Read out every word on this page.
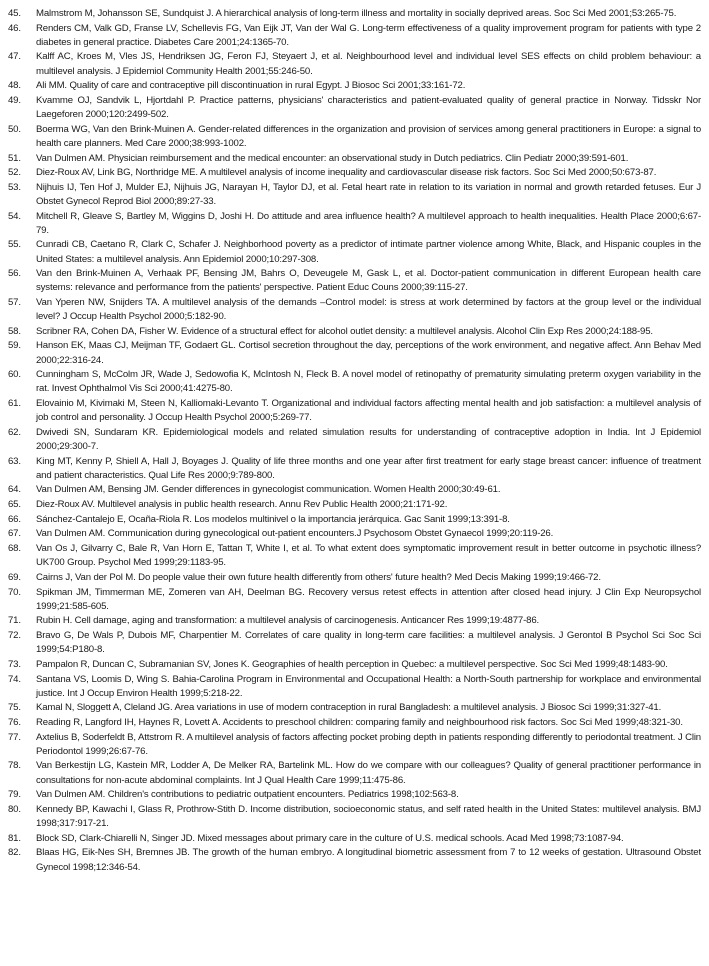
45.	Malmstrom M, Johansson SE, Sundquist J. A hierarchical analysis of long-term illness and mortality in socially deprived areas. Soc Sci Med 2001;53:265-75.
46.	Renders CM, Valk GD, Franse LV, Schellevis FG, Van Eijk JT, Van der Wal G. Long-term effectiveness of a quality improvement program for patients with type 2 diabetes in general practice. Diabetes Care 2001;24:1365-70.
47.	Kalff AC, Kroes M, Vles JS, Hendriksen JG, Feron FJ, Steyaert J, et al. Neighbourhood level and individual level SES effects on child problem behaviour: a multilevel analysis. J Epidemiol Community Health 2001;55:246-50.
48.	Ali MM. Quality of care and contraceptive pill discontinuation in rural Egypt. J Biosoc Sci 2001;33:161-72.
49.	Kvamme OJ, Sandvik L, Hjortdahl P. Practice patterns, physicians' characteristics and patient-evaluated quality of general practice in Norway. Tidsskr Nor Laegeforen 2000;120:2499-502.
50.	Boerma WG, Van den Brink-Muinen A. Gender-related differences in the organization and provision of services among general practitioners in Europe: a signal to health care planners. Med Care 2000;38:993-1002.
51.	Van Dulmen AM. Physician reimbursement and the medical encounter: an observational study in Dutch pediatrics. Clin Pediatr 2000;39:591-601.
52.	Diez-Roux AV, Link BG, Northridge ME. A multilevel analysis of income inequality and cardiovascular disease risk factors. Soc Sci Med 2000;50:673-87.
53.	Nijhuis IJ, Ten Hof J, Mulder EJ, Nijhuis JG, Narayan H, Taylor DJ, et al. Fetal heart rate in relation to its variation in normal and growth retarded fetuses. Eur J Obstet Gynecol Reprod Biol 2000;89:27-33.
54.	Mitchell R, Gleave S, Bartley M, Wiggins D, Joshi H. Do attitude and area influence health? A multilevel approach to health inequalities. Health Place 2000;6:67-79.
55.	Cunradi CB, Caetano R, Clark C, Schafer J. Neighborhood poverty as a predictor of intimate partner violence among White, Black, and Hispanic couples in the United States: a multilevel analysis. Ann Epidemiol 2000;10:297-308.
56.	Van den Brink-Muinen A, Verhaak PF, Bensing JM, Bahrs O, Deveugele M, Gask L, et al. Doctor-patient communication in different European health care systems: relevance and performance from the patients' perspective. Patient Educ Couns 2000;39:115-27.
57.	Van Yperen NW, Snijders TA. A multilevel analysis of the demands –Control model: is stress at work determined by factors at the group level or the individual level? J Occup Health Psychol 2000;5:182-90.
58.	Scribner RA, Cohen DA, Fisher W. Evidence of a structural effect for alcohol outlet density: a multilevel analysis. Alcohol Clin Exp Res 2000;24:188-95.
59.	Hanson EK, Maas CJ, Meijman TF, Godaert GL. Cortisol secretion throughout the day, perceptions of the work environment, and negative affect. Ann Behav Med 2000;22:316-24.
60.	Cunningham S, McColm JR, Wade J, Sedowofia K, McIntosh N, Fleck B. A novel model of retinopathy of prematurity simulating preterm oxygen variability in the rat. Invest Ophthalmol Vis Sci 2000;41:4275-80.
61.	Elovainio M, Kivimaki M, Steen N, Kalliomaki-Levanto T. Organizational and individual factors affecting mental health and job satisfaction: a multilevel analysis of job control and personality. J Occup Health Psychol 2000;5:269-77.
62.	Dwivedi SN, Sundaram KR. Epidemiological models and related simulation results for understanding of contraceptive adoption in India. Int J Epidemiol 2000;29:300-7.
63.	King MT, Kenny P, Shiell A, Hall J, Boyages J. Quality of life three months and one year after first treatment for early stage breast cancer: influence of treatment and patient characteristics. Qual Life Res 2000;9:789-800.
64.	Van Dulmen AM, Bensing JM. Gender differences in gynecologist communication. Women Health 2000;30:49-61.
65.	Diez-Roux AV. Multilevel analysis in public health research. Annu Rev Public Health 2000;21:171-92.
66.	Sánchez-Cantalejo E, Ocaña-Riola R. Los modelos multinivel o la importancia jerárquica. Gac Sanit 1999;13:391-8.
67.	Van Dulmen AM. Communication during gynecological out-patient encounters.J Psychosom Obstet Gynaecol 1999;20:119-26.
68.	Van Os J, Gilvarry C, Bale R, Van Horn E, Tattan T, White I, et al. To what extent does symptomatic improvement result in better outcome in psychotic illness? UK700 Group. Psychol Med 1999;29:1183-95.
69.	Cairns J, Van der Pol M. Do people value their own future health differently from others' future health? Med Decis Making 1999;19:466-72.
70.	Spikman JM, Timmerman ME, Zomeren van AH, Deelman BG. Recovery versus retest effects in attention after closed head injury. J Clin Exp Neuropsychol 1999;21:585-605.
71.	Rubin H. Cell damage, aging and transformation: a multilevel analysis of carcinogenesis. Anticancer Res 1999;19:4877-86.
72.	Bravo G, De Wals P, Dubois MF, Charpentier M. Correlates of care quality in long-term care facilities: a multilevel analysis. J Gerontol B Psychol Sci Soc Sci 1999;54:P180-8.
73.	Pampalon R, Duncan C, Subramanian SV, Jones K. Geographies of health perception in Quebec: a multilevel perspective. Soc Sci Med 1999;48:1483-90.
74.	Santana VS, Loomis D, Wing S. Bahia-Carolina Program in Environmental and Occupational Health: a North-South partnership for workplace and environmental justice. Int J Occup Environ Health 1999;5:218-22.
75.	Kamal N, Sloggett A, Cleland JG. Area variations in use of modern contraception in rural Bangladesh: a multilevel analysis. J Biosoc Sci 1999;31:327-41.
76.	Reading R, Langford IH, Haynes R, Lovett A. Accidents to preschool children: comparing family and neighbourhood risk factors. Soc Sci Med 1999;48:321-30.
77.	Axtelius B, Soderfeldt B, Attstrom R. A multilevel analysis of factors affecting pocket probing depth in patients responding differently to periodontal treatment. J Clin Periodontol 1999;26:67-76.
78.	Van Berkestijn LG, Kastein MR, Lodder A, De Melker RA, Bartelink ML. How do we compare with our colleagues? Quality of general practitioner performance in consultations for non-acute abdominal complaints. Int J Qual Health Care 1999;11:475-86.
79.	Van Dulmen AM. Children's contributions to pediatric outpatient encounters. Pediatrics 1998;102:563-8.
80.	Kennedy BP, Kawachi I, Glass R, Prothrow-Stith D. Income distribution, socioeconomic status, and self rated health in the United States: multilevel analysis. BMJ 1998;317:917-21.
81.	Block SD, Clark-Chiarelli N, Singer JD. Mixed messages about primary care in the culture of U.S. medical schools. Acad Med 1998;73:1087-94.
82.	Blaas HG, Eik-Nes SH, Bremnes JB. The growth of the human embryo. A longitudinal biometric assessment from 7 to 12 weeks of gestation. Ultrasound Obstet Gynecol 1998;12:346-54.
